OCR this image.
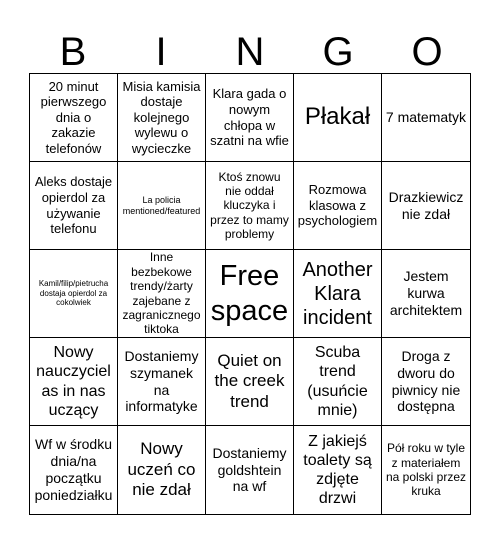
B	I	N	G	O
20 minut pierwszego dnia o zakazie telefonów
Misia kamisia dostaje kolejnego wylewu o wycieczke
Klara gada o nowym chłopa w szatni na wfie
Płakał	7 matematyk
Aleks dostaje opierdol za używanie telefonu
La policia mentioned/featured
Ktoś znowu nie oddał kluczyka i przez to mamy problemy
Rozmowa klasowa z psychologiem
Drazkiewicz nie zdał
Kamil/filip/pietrucha dostaja opierdol za cokolwiek
Inne bezbekowe trendy/żarty zajebane z zagranicznego tiktoka
Free space
Another Klara incident
Jestem kurwa architektem
Nowy nauczyciel as in nas uczący
Dostaniemy szymanek na informatyke
Quiet on the creek trend
Scuba trend (usuńcie mnie)
Droga z dworu do piwnicy nie dostępna
Wf w środku dnia/na początku poniedziałku
Nowy uczeń co nie zdał
Dostaniemy goldshtein na wf
Z jakiejś toalety są zdjęte drzwi
Pół roku w tyle z materiałem na polski przez kruka
